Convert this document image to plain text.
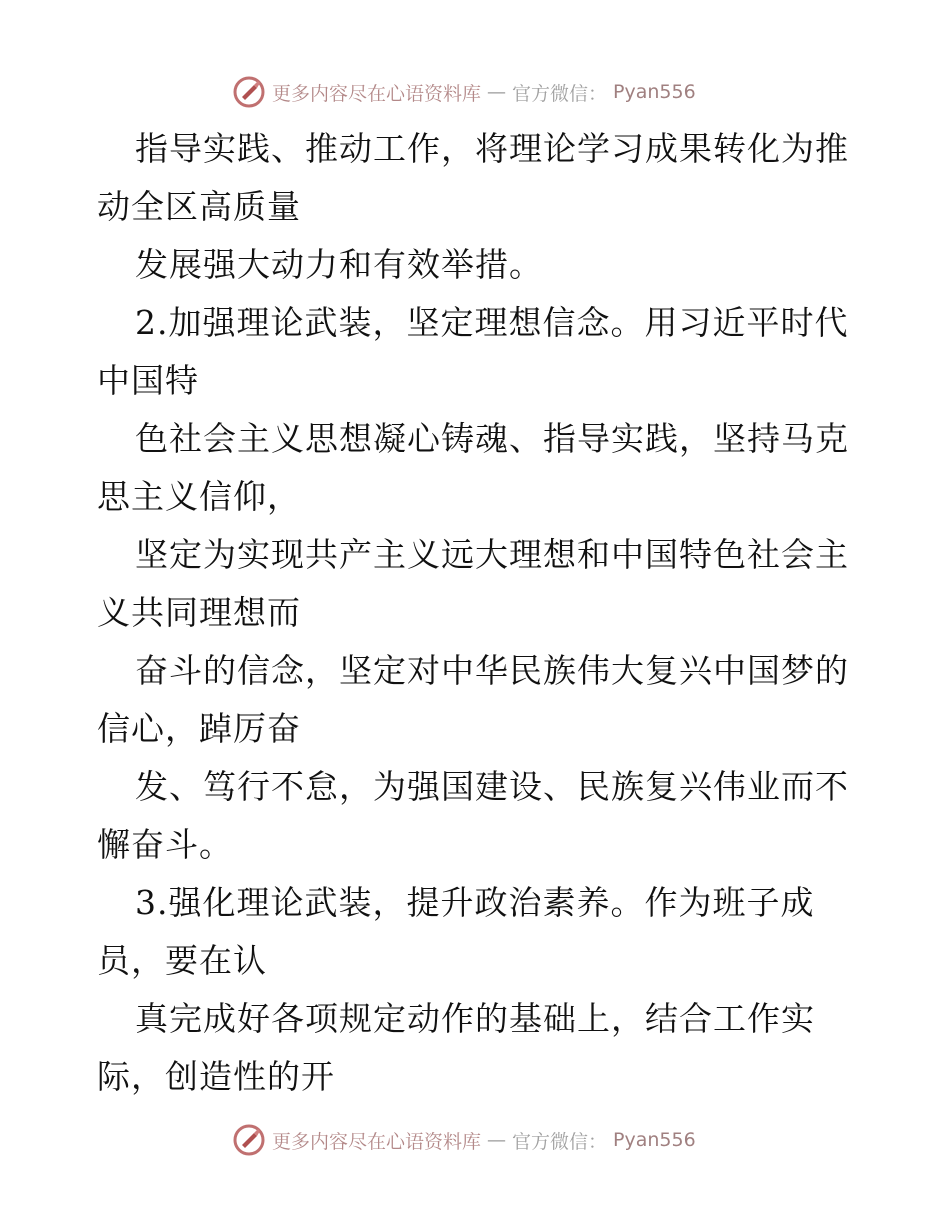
更多内容尽在心语资料库 — 官方微信： Pyan556
指导实践、推动工作，将理论学习成果转化为推
动全区高质量
发展强大动力和有效举措。
2.加强理论武装，坚定理想信念。用习近平时代
中国特
色社会主义思想凝心铸魂、指导实践，坚持马克
思主义信仰，
坚定为实现共产主义远大理想和中国特色社会主
义共同理想而
奋斗的信念，坚定对中华民族伟大复兴中国梦的
信心，踔厉奋
发、笃行不怠，为强国建设、民族复兴伟业而不
懈奋斗。
3.强化理论武装，提升政治素养。作为班子成
员，要在认
真完成好各项规定动作的基础上，结合工作实
际，创造性的开
更多内容尽在心语资料库 — 官方微信： Pyan556
